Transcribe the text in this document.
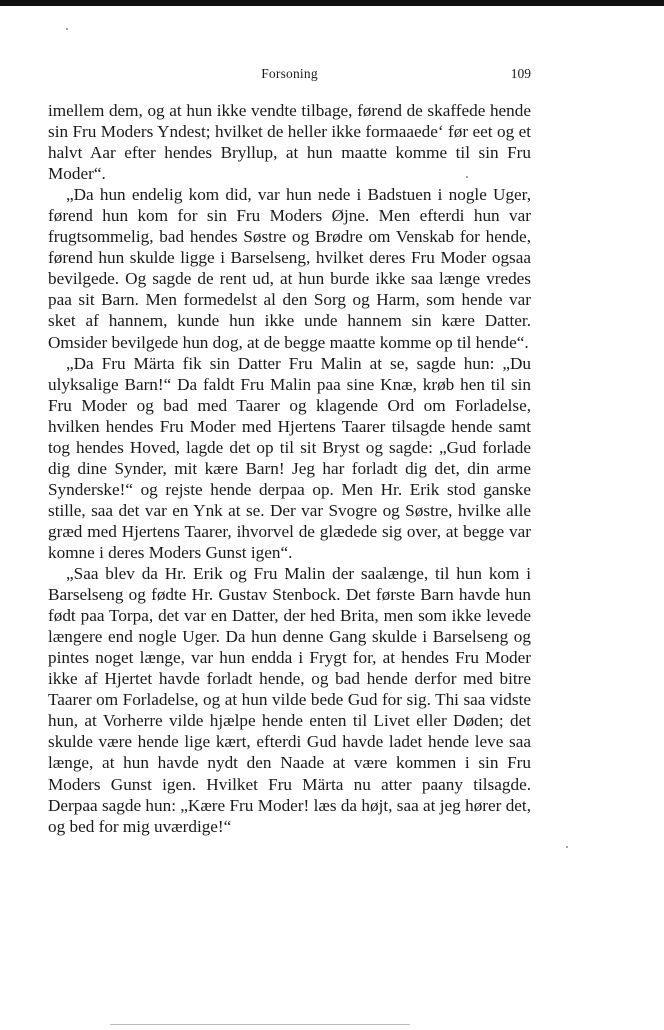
Forsoning	109

imellem dem, og at hun ikke vendte tilbage, førend de skaffede hende sin Fru Moders Yndest; hvilket de heller ikke formaaede‘ før eet og et halvt Aar efter hendes Bryllup, at hun maatte komme til sin Fru Moder“.

„Da hun endelig kom did, var hun nede i Badstuen i nogle Uger, førend hun kom for sin Fru Moders Øjne. Men efterdi hun var frugtsommelig, bad hendes Søstre og Brødre om Venskab for hende, førend hun skulde ligge i Barselseng, hvilket deres Fru Moder ogsaa bevilgede. Og sagde de rent ud, at hun burde ikke saa længe vredes paa sit Barn. Men formedelst al den Sorg og Harm, som hende var sket af hannem, kunde hun ikke unde hannem sin kære Datter. Omsider bevilgede hun dog, at de begge maatte komme op til hende“.

„Da Fru Märta fik sin Datter Fru Malin at se, sagde hun: „Du ulyksalige Barn!“ Da faldt Fru Malin paa sine Knæ, krøb hen til sin Fru Moder og bad med Taarer og klagende Ord om Forladelse, hvilken hendes Fru Moder med Hjertens Taarer tilsagde hende samt tog hendes Hoved, lagde det op til sit Bryst og sagde: „Gud forlade dig dine Synder, mit kære Barn! Jeg har forladt dig det, din arme Synderske!“ og rejste hende derpaa op. Men Hr. Erik stod ganske stille, saa det var en Ynk at se. Der var Svogre og Søstre, hvilke alle græd med Hjertens Taarer, ihvorvel de glædede sig over, at begge var komne i deres Moders Gunst igen“.

„Saa blev da Hr. Erik og Fru Malin der saalænge, til hun kom i Barselseng og fødte Hr. Gustav Stenbock. Det første Barn havde hun født paa Torpa, det var en Datter, der hed Brita, men som ikke levede længere end nogle Uger. Da hun denne Gang skulde i Barselseng og pintes noget længe, var hun endda i Frygt for, at hendes Fru Moder ikke af Hjertet havde forladt hende, og bad hende derfor med bitre Taarer om Forladelse, og at hun vilde bede Gud for sig. Thi saa vidste hun, at Vorherre vilde hjælpe hende enten til Livet eller Døden; det skulde være hende lige kært, efterdi Gud havde ladet hende leve saa længe, at hun havde nydt den Naade at være kommen i sin Fru Moders Gunst igen. Hvilket Fru Märta nu atter paany tilsagde. Derpaa sagde hun: „Kære Fru Moder! læs da højt, saa at jeg hører det, og bed for mig uværdige!“
